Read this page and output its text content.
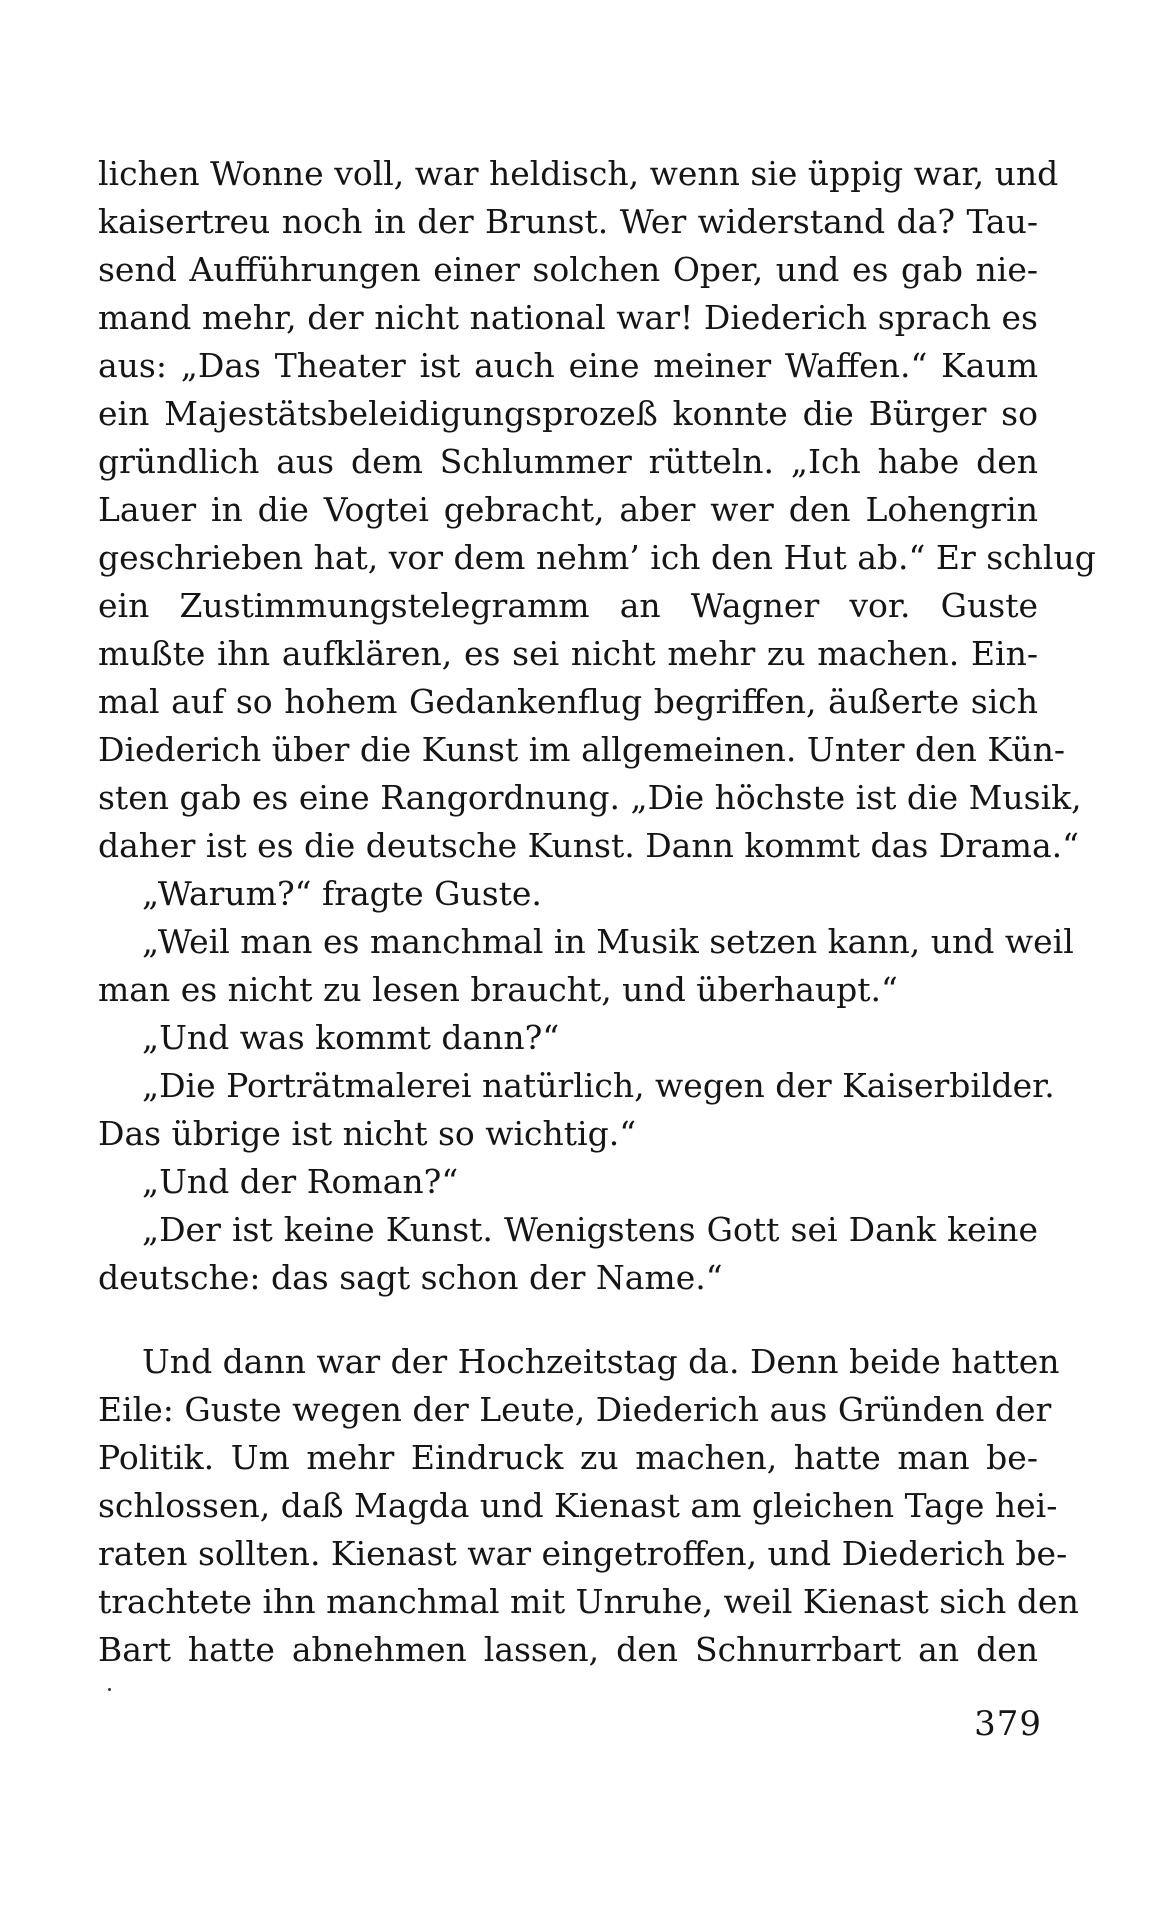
lichen Wonne voll, war heldisch, wenn sie üppig war, und
kaisertreu noch in der Brunst. Wer widerstand da? Tau-
send Aufführungen einer solchen Oper, und es gab nie-
mand mehr, der nicht national war! Diederich sprach es
aus: „Das Theater ist auch eine meiner Waffen.“ Kaum
ein Majestätsbeleidigungsprozeß konnte die Bürger so
gründlich aus dem Schlummer rütteln. „Ich habe den
Lauer in die Vogtei gebracht, aber wer den Lohengrin
geschrieben hat, vor dem nehm’ ich den Hut ab.“ Er schlug
ein Zustimmungstelegramm an Wagner vor. Guste
mußte ihn aufklären, es sei nicht mehr zu machen. Ein-
mal auf so hohem Gedankenflug begriffen, äußerte sich
Diederich über die Kunst im allgemeinen. Unter den Kün-
sten gab es eine Rangordnung. „Die höchste ist die Musik,
daher ist es die deutsche Kunst. Dann kommt das Drama.“
„Warum?“ fragte Guste.
„Weil man es manchmal in Musik setzen kann, und weil
man es nicht zu lesen braucht, und überhaupt.“
„Und was kommt dann?“
„Die Porträtmalerei natürlich, wegen der Kaiserbilder.
Das übrige ist nicht so wichtig.“
„Und der Roman?“
„Der ist keine Kunst. Wenigstens Gott sei Dank keine
deutsche: das sagt schon der Name.“
Und dann war der Hochzeitstag da. Denn beide hatten
Eile: Guste wegen der Leute, Diederich aus Gründen der
Politik. Um mehr Eindruck zu machen, hatte man be-
schlossen, daß Magda und Kienast am gleichen Tage hei-
raten sollten. Kienast war eingetroffen, und Diederich be-
trachtete ihn manchmal mit Unruhe, weil Kienast sich den
Bart hatte abnehmen lassen, den Schnurrbart an den
379
